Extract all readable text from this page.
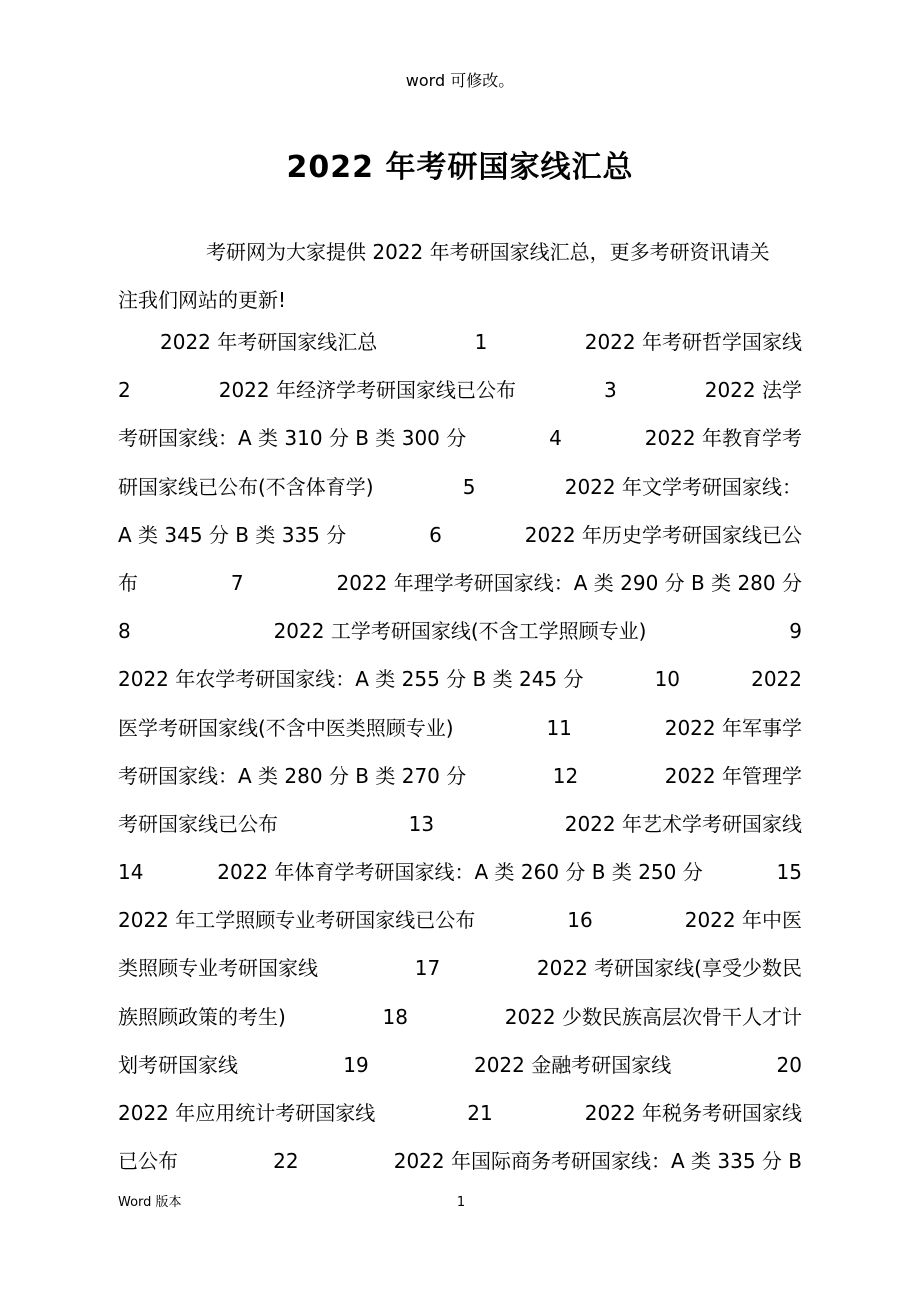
word 可修改。
2022 年考研国家线汇总

考研网为大家提供 2022 年考研国家线汇总，更多考研资讯请关
注我们网站的更新!

2022 年考研国家线汇总	1	2022 年考研哲学国家线
2	2022 年经济学考研国家线已公布	3	2022 法学
考研国家线：A 类 310 分 B 类 300 分	4	2022 年教育学考
研国家线已公布(不含体育学)	5	2022 年文学考研国家线：
A 类 345 分 B 类 335 分	6	2022 年历史学考研国家线已公
布	7	2022 年理学考研国家线：A 类 290 分 B 类 280 分
8	2022 工学考研国家线(不含工学照顾专业)	9
2022 年农学考研国家线：A 类 255 分 B 类 245 分	10	2022
医学考研国家线(不含中医类照顾专业)	11	2022 年军事学
考研国家线：A 类 280 分 B 类 270 分	12	2022 年管理学
考研国家线已公布	13	2022 年艺术学考研国家线
14	2022 年体育学考研国家线：A 类 260 分 B 类 250 分	15
2022 年工学照顾专业考研国家线已公布	16	2022 年中医
类照顾专业考研国家线	17	2022 考研国家线(享受少数民
族照顾政策的考生)	18	2022 少数民族高层次骨干人才计
划考研国家线	19	2022 金融考研国家线	20
2022 年应用统计考研国家线	21	2022 年税务考研国家线
已公布	22	2022 年国际商务考研国家线：A 类 335 分 B
Word 版本	1
